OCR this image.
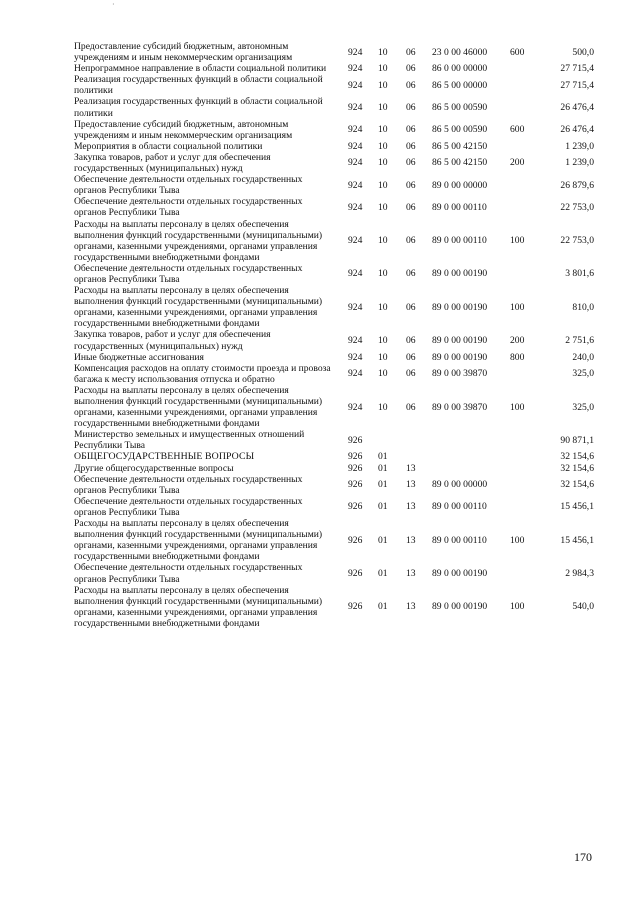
·
Предоставление субсидий бюджетным, автономным учреждениям и иным некоммерческим организациям	924	10	06	23 0 00 46000	600	500,0
Непрограммное направление в области социальной политики	924	10	06	86 0 00 00000		27 715,4
Реализация государственных функций в области социальной политики	924	10	06	86 5 00 00000		27 715,4
Реализация государственных функций в области социальной политики	924	10	06	86 5 00 00590		26 476,4
Предоставление субсидий бюджетным, автономным учреждениям и иным некоммерческим организациям	924	10	06	86 5 00 00590	600	26 476,4
Мероприятия в области социальной политики	924	10	06	86 5 00 42150		1 239,0
Закупка товаров, работ и услуг для обеспечения государственных (муниципальных) нужд	924	10	06	86 5 00 42150	200	1 239,0
Обеспечение деятельности отдельных государственных органов Республики Тыва	924	10	06	89 0 00 00000		26 879,6
Обеспечение деятельности отдельных государственных органов Республики Тыва	924	10	06	89 0 00 00110		22 753,0
Расходы на выплаты персоналу в целях обеспечения выполнения функций государственными (муниципальными) органами, казенными учреждениями, органами управления государственными внебюджетными фондами	924	10	06	89 0 00 00110	100	22 753,0
Обеспечение деятельности отдельных государственных органов Республики Тыва	924	10	06	89 0 00 00190		3 801,6
Расходы на выплаты персоналу в целях обеспечения выполнения функций государственными (муниципальными) органами, казенными учреждениями, органами управления государственными внебюджетными фондами	924	10	06	89 0 00 00190	100	810,0
Закупка товаров, работ и услуг для обеспечения государственных (муниципальных) нужд	924	10	06	89 0 00 00190	200	2 751,6
Иные бюджетные ассигнования	924	10	06	89 0 00 00190	800	240,0
Компенсация расходов на оплату стоимости проезда и провоза багажа к месту использования отпуска и обратно	924	10	06	89 0 00 39870		325,0
Расходы на выплаты персоналу в целях обеспечения выполнения функций государственными (муниципальными) органами, казенными учреждениями, органами управления государственными внебюджетными фондами	924	10	06	89 0 00 39870	100	325,0
Министерство земельных и имущественных отношений Республики Тыва	926					90 871,1
ОБЩЕГОСУДАРСТВЕННЫЕ ВОПРОСЫ	926	01				32 154,6
Другие общегосударственные вопросы	926	01	13			32 154,6
Обеспечение деятельности отдельных государственных органов Республики Тыва	926	01	13	89 0 00 00000		32 154,6
Обеспечение деятельности отдельных государственных органов Республики Тыва	926	01	13	89 0 00 00110		15 456,1
Расходы на выплаты персоналу в целях обеспечения выполнения функций государственными (муниципальными) органами, казенными учреждениями, органами управления государственными внебюджетными фондами	926	01	13	89 0 00 00110	100	15 456,1
Обеспечение деятельности отдельных государственных органов Республики Тыва	926	01	13	89 0 00 00190		2 984,3
Расходы на выплаты персоналу в целях обеспечения выполнения функций государственными (муниципальными) органами, казенными учреждениями, органами управления государственными внебюджетными фондами	926	01	13	89 0 00 00190	100	540,0
170
